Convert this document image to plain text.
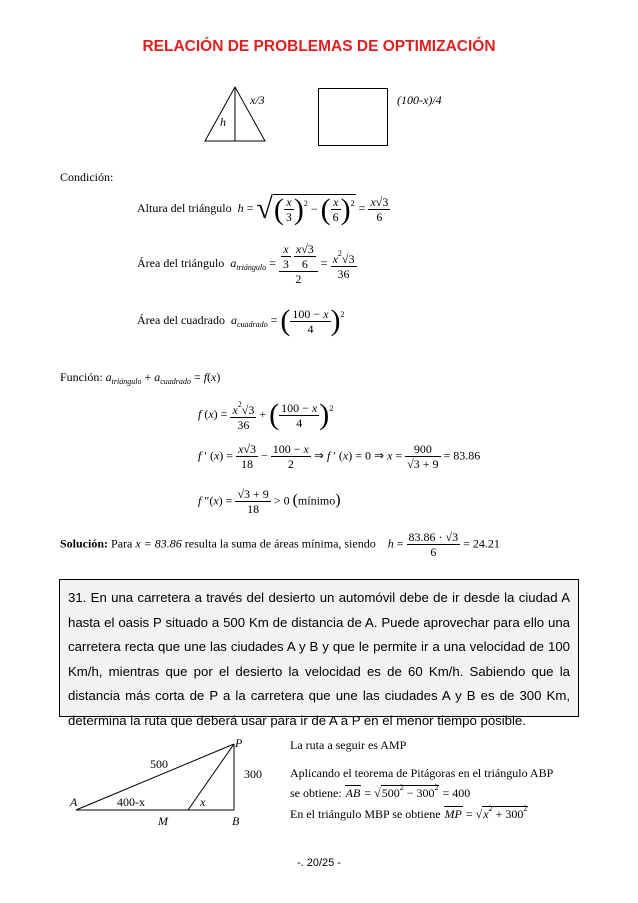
RELACIÓN DE PROBLEMAS DE OPTIMIZACIÓN
h
x/3	(100-x)/4
Condición:
Altura del triángulo  h = √( $\frac{x}{3} )^2$ − ( $\frac{x}{6} )^2 = \frac{x√3}{6}$
Área del triángulo  $a_{triángulo} = \frac{x}{3}$
$\frac{x√3}{6}$
$2 = \frac{x^2√3}{36}$
Área del cuadrado  $a_{cuadrado}$ = ( $\frac{100 - x}{4} )^2$
Función: $a_{triángulo} + a_{cuadrado} = f(x)$
f $(x) = \frac{x^2√3}{36}$ + ( $\frac{100 - x}{4} )^2$
f ′ $(x) = \frac{x√3}{18} - \frac{100 - x}{2}$ ⇒ f ′ (x) = 0 ⇒ $x = \frac{900}{√3 + 9} = 83.86$
f $''(x) = \frac{√3 + 9}{18} > 0$ (mínimo)
Solución: Para x = 83.86 resulta la suma de áreas mínima, siendo $h = \frac{83.86 \cdot √3}{6} = 24.21$
31. En una carretera a través del desierto un automóvil debe de ir desde la ciudad A hasta el oasis P situado a 500 Km de distancia de A. Puede aprovechar para ello una carretera recta que une las ciudades A y B y que le permite ir a una velocidad de 100 Km/h, mientras que por el desierto la velocidad es de 60 Km/h. Sabiendo que la distancia más corta de P a la carretera que une las ciudades A y B es de 300 Km, determina la ruta que deberá usar para ir de A a P en el menor tiempo posible.
P
500
300
A	400-x	x
M	B
La ruta a seguir es AMP
Aplicando el teorema de Pitágoras en el triángulo ABP
se obtiene: AB = $√500^2 - 300^2 = 400$
En el triángulo MBP se obtiene MP = $√x^2 + 300^2$
-. 20/25 -
